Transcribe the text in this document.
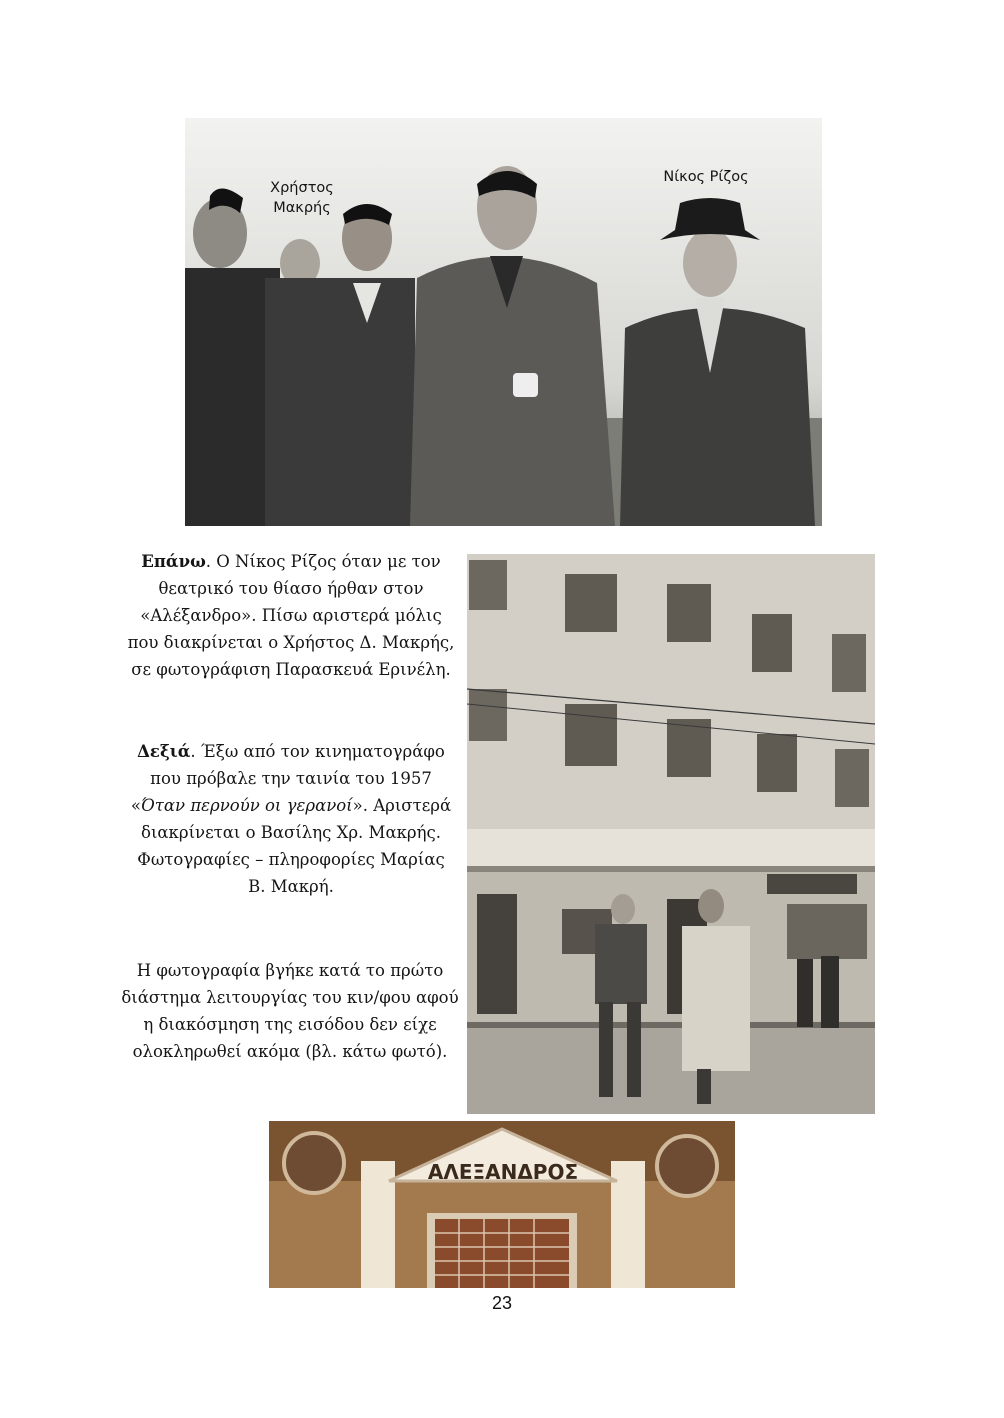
Χρήστος Μακρής
Νίκος Ρίζος
Επάνω. Ο Νίκος Ρίζος όταν με τον θεατρικό του θίασο ήρθαν στον «Αλέξανδρο». Πίσω αριστερά μόλις που διακρίνεται ο Χρήστος Δ. Μακρής, σε φωτογράφιση Παρασκευά Ερινέλη.
Δεξιά. Έξω από τον κινηματογράφο που πρόβαλε την ταινία του 1957 «Όταν περνούν οι γερανοί». Αριστερά διακρίνεται ο Βασίλης Χρ. Μακρής. Φωτογραφίες – πληροφορίες Μαρίας Β. Μακρή.
Η φωτογραφία βγήκε κατά το πρώτο διάστημα λειτουργίας του κιν/φου αφού η διακόσμηση της εισόδου δεν είχε ολοκληρωθεί ακόμα (βλ. κάτω φωτό).
ΑΛΕΞΑΝΔΡΟΣ
23
